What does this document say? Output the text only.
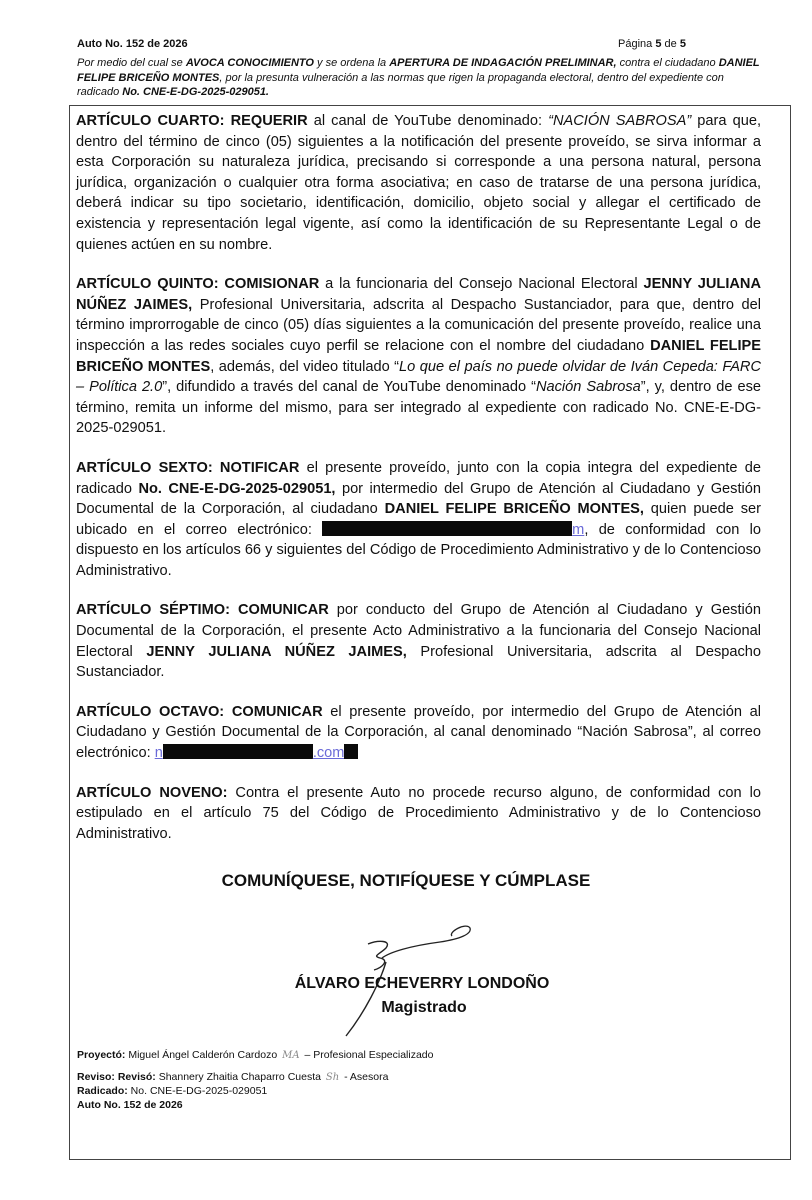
Auto No. 152 de 2026	Página 5 de 5
Por medio del cual se AVOCA CONOCIMIENTO y se ordena la APERTURA DE INDAGACIÓN PRELIMINAR, contra el ciudadano DANIEL FELIPE BRICEÑO MONTES, por la presunta vulneración a las normas que rigen la propaganda electoral, dentro del expediente con radicado No. CNE-E-DG-2025-029051.

ARTÍCULO CUARTO: REQUERIR al canal de YouTube denominado: “NACIÓN SABROSA” para que, dentro del término de cinco (05) siguientes a la notificación del presente proveído, se sirva informar a esta Corporación su naturaleza jurídica, precisando si corresponde a una persona natural, persona jurídica, organización o cualquier otra forma asociativa; en caso de tratarse de una persona jurídica, deberá indicar su tipo societario, identificación, domicilio, objeto social y allegar el certificado de existencia y representación legal vigente, así como la identificación de su Representante Legal o de quienes actúen en su nombre.

ARTÍCULO QUINTO: COMISIONAR a la funcionaria del Consejo Nacional Electoral JENNY JULIANA NÚÑEZ JAIMES, Profesional Universitaria, adscrita al Despacho Sustanciador, para que, dentro del término improrrogable de cinco (05) días siguientes a la comunicación del presente proveído, realice una inspección a las redes sociales cuyo perfil se relacione con el nombre del ciudadano DANIEL FELIPE BRICEÑO MONTES, además, del video titulado “Lo que el país no puede olvidar de Iván Cepeda: FARC – Política 2.0”, difundido a través del canal de YouTube denominado “Nación Sabrosa”, y, dentro de ese término, remita un informe del mismo, para ser integrado al expediente con radicado No. CNE-E-DG-2025-029051.

ARTÍCULO SEXTO: NOTIFICAR el presente proveído, junto con la copia integra del expediente de radicado No. CNE-E-DG-2025-029051, por intermedio del Grupo de Atención al Ciudadano y Gestión Documental de la Corporación, al ciudadano DANIEL FELIPE BRICEÑO MONTES, quien puede ser ubicado en el correo electrónico:	m, de conformidad con lo dispuesto en los artículos 66 y siguientes del Código de Procedimiento Administrativo y de lo Contencioso Administrativo.

ARTÍCULO SÉPTIMO: COMUNICAR por conducto del Grupo de Atención al Ciudadano y Gestión Documental de la Corporación, el presente Acto Administrativo a la funcionaria del Consejo Nacional Electoral JENNY JULIANA NÚÑEZ JAIMES, Profesional Universitaria, adscrita al Despacho Sustanciador.

ARTÍCULO OCTAVO: COMUNICAR el presente proveído, por intermedio del Grupo de Atención al Ciudadano y Gestión Documental de la Corporación, al canal denominado “Nación Sabrosa”, al correo electrónico: n	.com

ARTÍCULO NOVENO: Contra el presente Auto no procede recurso alguno, de conformidad con lo estipulado en el artículo 75 del Código de Procedimiento Administrativo y de lo Contencioso Administrativo.

COMUNÍQUESE, NOTIFÍQUESE Y CÚMPLASE
ÁLVARO ECHEVERRY LONDOÑO
Magistrado
Proyectó: Miguel Ángel Calderón Cardozo MA – Profesional Especializado
Reviso: Revisó: Shannery Zhaitia Chaparro Cuesta Sh - Asesora
Radicado: No. CNE-E-DG-2025-029051
Auto No. 152 de 2026
